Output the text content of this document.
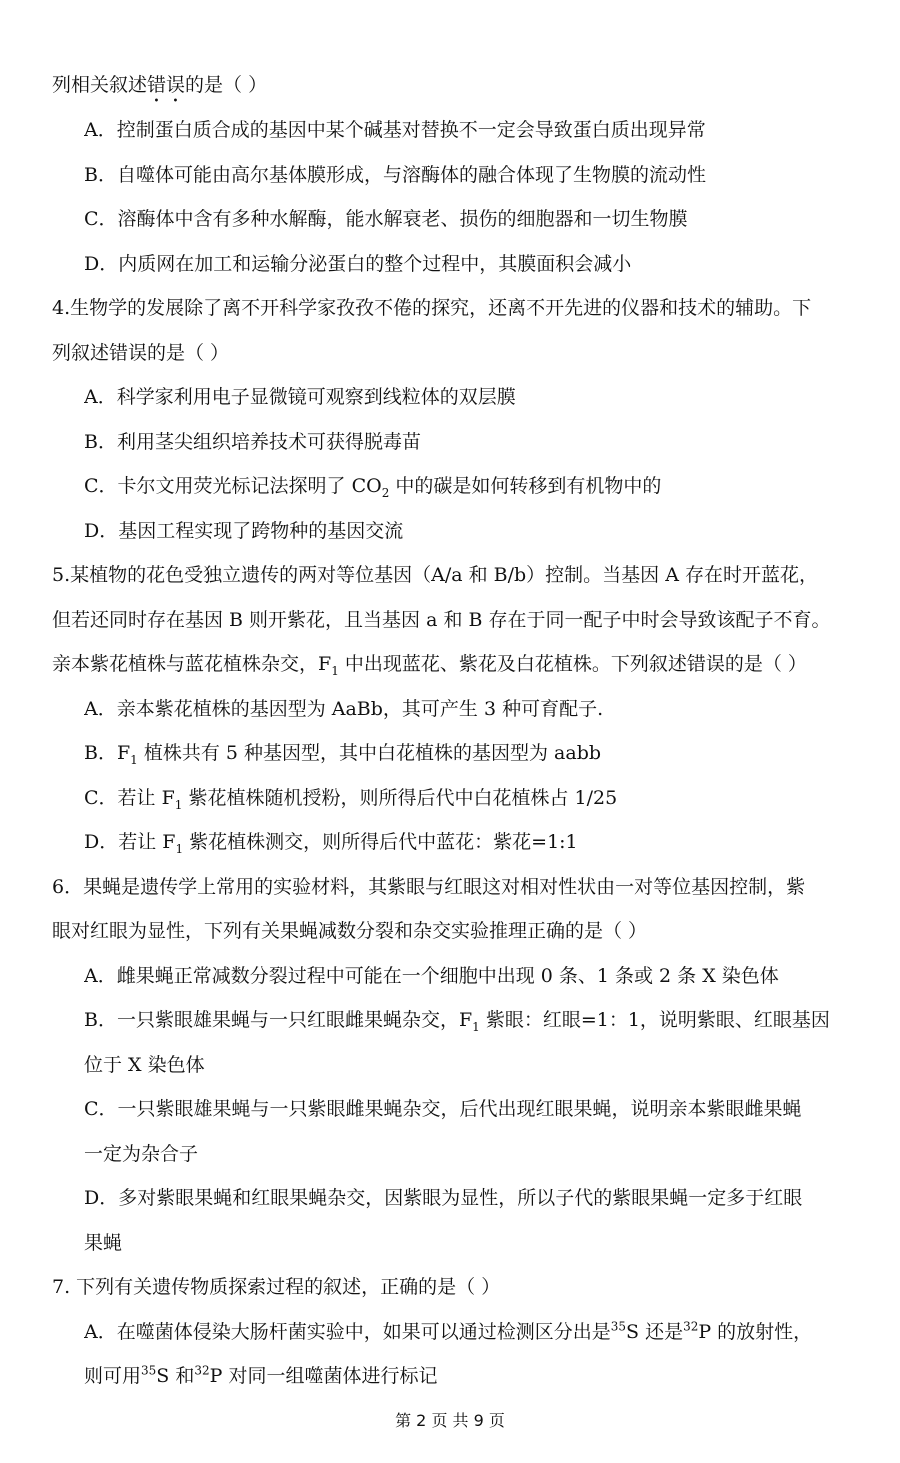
列相关叙述错误的是（ ）
A．控制蛋白质合成的基因中某个碱基对替换不一定会导致蛋白质出现异常
B．自噬体可能由高尔基体膜形成，与溶酶体的融合体现了生物膜的流动性
C．溶酶体中含有多种水解酶，能水解衰老、损伤的细胞器和一切生物膜
D．内质网在加工和运输分泌蛋白的整个过程中，其膜面积会减小
4.生物学的发展除了离不开科学家孜孜不倦的探究，还离不开先进的仪器和技术的辅助。下
列叙述错误的是（ ）
A．科学家利用电子显微镜可观察到线粒体的双层膜
B．利用茎尖组织培养技术可获得脱毒苗
C．卡尔文用荧光标记法探明了 $CO_2$ 中的碳是如何转移到有机物中的
D．基因工程实现了跨物种的基因交流
5.某植物的花色受独立遗传的两对等位基因（A/a 和 B/b）控制。当基因 A 存在时开蓝花，
但若还同时存在基因 B 则开紫花，且当基因 a 和 B 存在于同一配子中时会导致该配子不育。
亲本紫花植株与蓝花植株杂交，$F_1$ 中出现蓝花、紫花及白花植株。下列叙述错误的是（ ）
A．亲本紫花植株的基因型为 AaBb，其可产生 3 种可育配子.
B．$F_1$ 植株共有 5 种基因型，其中白花植株的基因型为 aabb
C．若让 $F_1$ 紫花植株随机授粉，则所得后代中白花植株占 1/25
D．若让 $F_1$ 紫花植株测交，则所得后代中蓝花：紫花=1:1
6．果蝇是遗传学上常用的实验材料，其紫眼与红眼这对相对性状由一对等位基因控制，紫
眼对红眼为显性，下列有关果蝇减数分裂和杂交实验推理正确的是（ ）
A．雌果蝇正常减数分裂过程中可能在一个细胞中出现 0 条、1 条或 2 条 X 染色体
B．一只紫眼雄果蝇与一只红眼雌果蝇杂交，$F_1$ 紫眼：红眼=1：1，说明紫眼、红眼基因
位于 X 染色体
C．一只紫眼雄果蝇与一只紫眼雌果蝇杂交，后代出现红眼果蝇，说明亲本紫眼雌果蝇
一定为杂合子
D．多对紫眼果蝇和红眼果蝇杂交，因紫眼为显性，所以子代的紫眼果蝇一定多于红眼
果蝇
7. 下列有关遗传物质探索过程的叙述，正确的是（ ）
A．在噬菌体侵染大肠杆菌实验中，如果可以通过检测区分出是$^{35}$S 还是$^{32}$P 的放射性，
则可用$^{35}$S 和$^{32}$P 对同一组噬菌体进行标记
第 2 页 共 9 页
